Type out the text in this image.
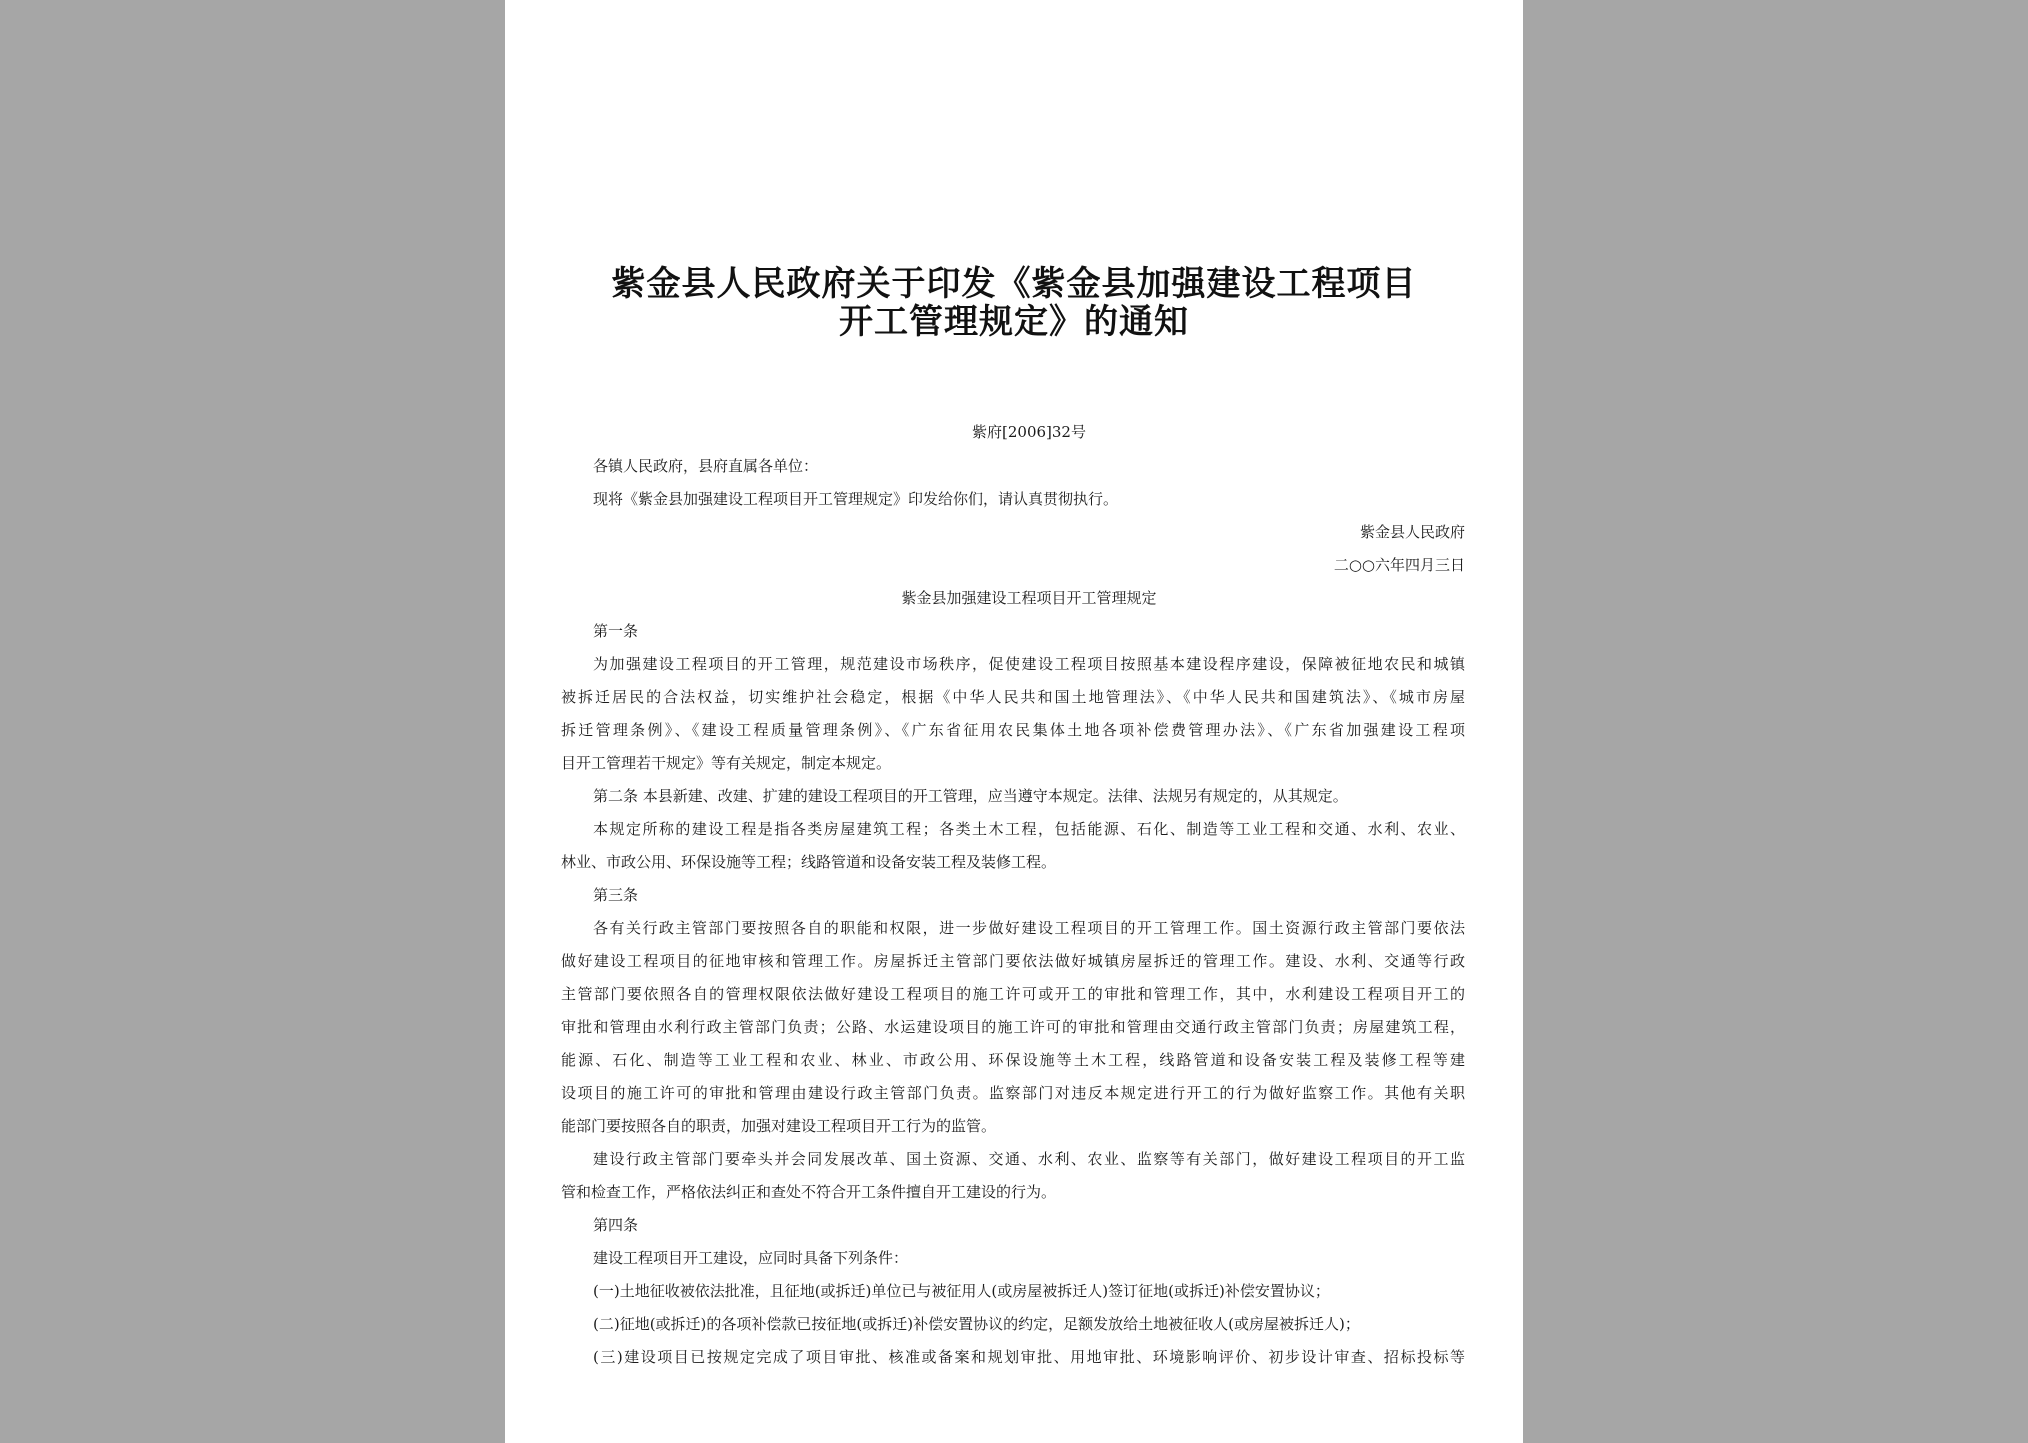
紫金县人民政府关于印发《紫金县加强建设工程项目
开工管理规定》的通知
紫府[2006]32号
各镇人民政府，县府直属各单位：
现将《紫金县加强建设工程项目开工管理规定》印发给你们，请认真贯彻执行。
紫金县人民政府
二○○六年四月三日
紫金县加强建设工程项目开工管理规定
第一条
为加强建设工程项目的开工管理，规范建设市场秩序，促使建设工程项目按照基本建设程序建设，保障被征地农民和城镇
被拆迁居民的合法权益，切实维护社会稳定，根据《中华人民共和国土地管理法》、《中华人民共和国建筑法》、《城市房屋
拆迁管理条例》、《建设工程质量管理条例》、《广东省征用农民集体土地各项补偿费管理办法》、《广东省加强建设工程项
目开工管理若干规定》等有关规定，制定本规定。
第二条 本县新建、改建、扩建的建设工程项目的开工管理，应当遵守本规定。法律、法规另有规定的，从其规定。
本规定所称的建设工程是指各类房屋建筑工程；各类土木工程，包括能源、石化、制造等工业工程和交通、水利、农业、
林业、市政公用、环保设施等工程；线路管道和设备安装工程及装修工程。
第三条
各有关行政主管部门要按照各自的职能和权限，进一步做好建设工程项目的开工管理工作。国土资源行政主管部门要依法
做好建设工程项目的征地审核和管理工作。房屋拆迁主管部门要依法做好城镇房屋拆迁的管理工作。建设、水利、交通等行政
主管部门要依照各自的管理权限依法做好建设工程项目的施工许可或开工的审批和管理工作，其中，水利建设工程项目开工的
审批和管理由水利行政主管部门负责；公路、水运建设项目的施工许可的审批和管理由交通行政主管部门负责；房屋建筑工程，
能源、石化、制造等工业工程和农业、林业、市政公用、环保设施等土木工程，线路管道和设备安装工程及装修工程等建
设项目的施工许可的审批和管理由建设行政主管部门负责。监察部门对违反本规定进行开工的行为做好监察工作。其他有关职
能部门要按照各自的职责，加强对建设工程项目开工行为的监管。
建设行政主管部门要牵头并会同发展改革、国土资源、交通、水利、农业、监察等有关部门，做好建设工程项目的开工监
管和检查工作，严格依法纠正和查处不符合开工条件擅自开工建设的行为。
第四条
建设工程项目开工建设，应同时具备下列条件：
(一)土地征收被依法批准，且征地(或拆迁)单位已与被征用人(或房屋被拆迁人)签订征地(或拆迁)补偿安置协议；
(二)征地(或拆迁)的各项补偿款已按征地(或拆迁)补偿安置协议的约定，足额发放给土地被征收人(或房屋被拆迁人)；
(三)建设项目已按规定完成了项目审批、核准或备案和规划审批、用地审批、环境影响评价、初步设计审查、招标投标等
